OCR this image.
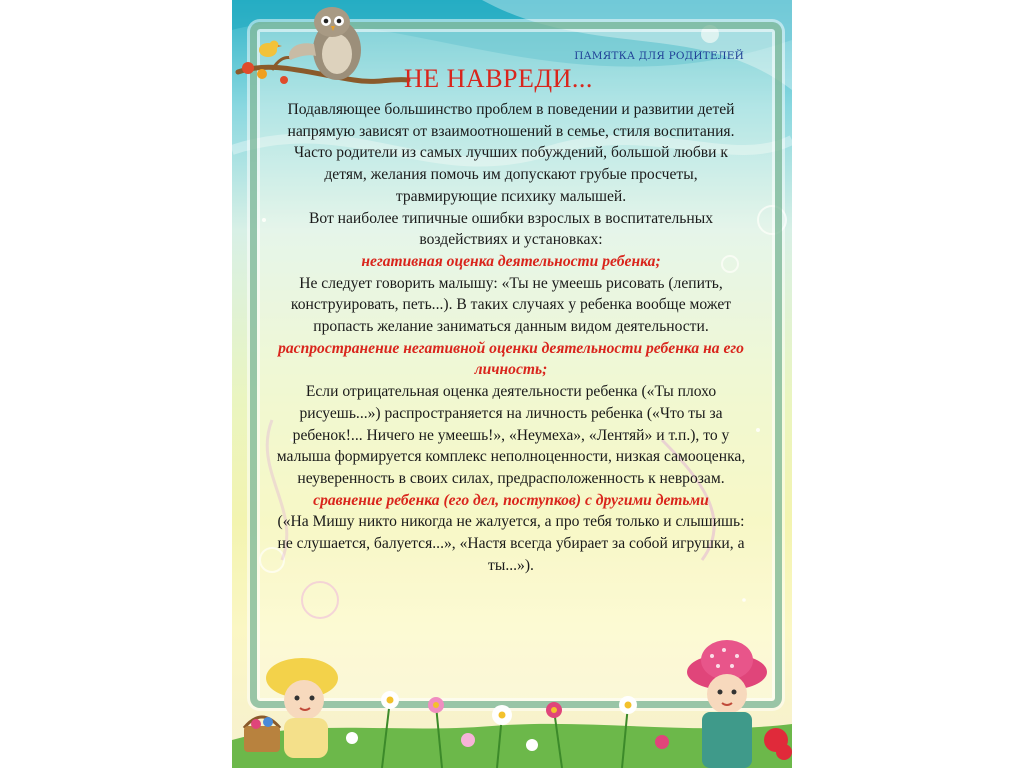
ПАМЯТКА ДЛЯ РОДИТЕЛЕЙ
НЕ НАВРЕДИ...

Подавляющее большинство проблем в поведении и развитии детей напрямую зависят от взаимоотношений в семье, стиля воспитания.

Часто родители из самых лучших побуждений, большой любви к детям, желания помочь им допускают грубые просчеты, травмирующие психику малышей.

Вот наиболее типичные ошибки взрослых в воспитательных воздействиях и установках:

негативная оценка деятельности ребенка;

Не следует говорить малышу: «Ты не умеешь рисовать (лепить, конструировать, петь...). В таких случаях у ребенка вообще может пропасть желание заниматься данным видом деятельности.

распространение негативной оценки деятельности ребенка на его личность;

Если отрицательная оценка деятельности ребенка («Ты плохо рисуешь...») распространяется на личность ребенка («Что ты за ребенок!... Ничего не умеешь!», «Неумеха», «Лентяй» и т.п.), то у малыша формируется комплекс неполноценности, низкая самооценка, неуверенность в своих силах, предрасположенность к неврозам.

сравнение ребенка (его дел, поступков) с другими детьми

(«На Мишу никто никогда не жалуется, а про тебя только и слышишь: не слушается, балуется...», «Настя всегда убирает за собой игрушки, а ты...»).
